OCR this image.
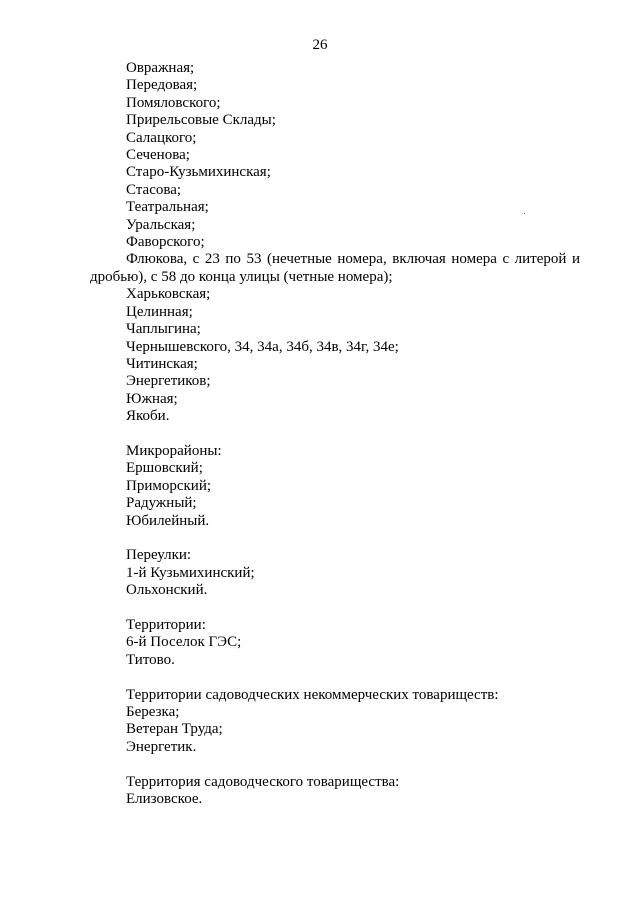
26
Овражная;
Передовая;
Помяловского;
Прирельсовые Склады;
Салацкого;
Сеченова;
Старо-Кузьмихинская;
Стасова;
Театральная;
Уральская;
Фаворского;
Флюкова, с 23 по 53 (нечетные номера, включая номера с литерой и дробью), с 58 до конца улицы (четные номера);
Харьковская;
Целинная;
Чаплыгина;
Чернышевского, 34, 34а, 34б, 34в, 34г, 34е;
Читинская;
Энергетиков;
Южная;
Якоби.
Микрорайоны:
Ершовский;
Приморский;
Радужный;
Юбилейный.
Переулки:
1-й Кузьмихинский;
Ольхонский.
Территории:
6-й Поселок ГЭС;
Титово.
Территории садоводческих некоммерческих товариществ:
Березка;
Ветеран Труда;
Энергетик.
Территория садоводческого товарищества:
Елизовское.
